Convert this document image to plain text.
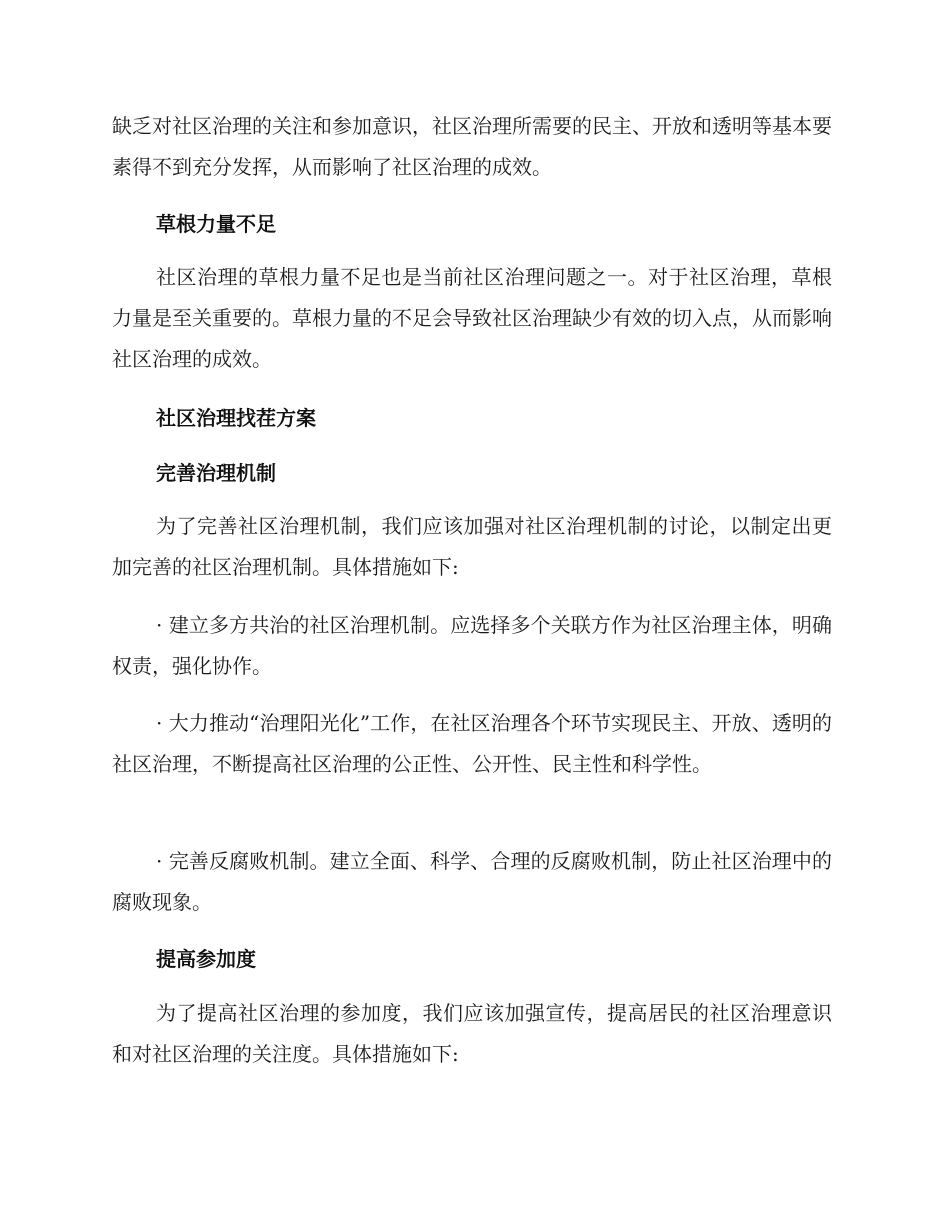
缺乏对社区治理的关注和参加意识，社区治理所需要的民主、开放和透明等基本要素得不到充分发挥，从而影响了社区治理的成效。

草根力量不足

社区治理的草根力量不足也是当前社区治理问题之一。对于社区治理，草根力量是至关重要的。草根力量的不足会导致社区治理缺少有效的切入点，从而影响社区治理的成效。

社区治理找茬方案
完善治理机制

为了完善社区治理机制，我们应该加强对社区治理机制的讨论，以制定出更加完善的社区治理机制。具体措施如下:

· 建立多方共治的社区治理机制。应选择多个关联方作为社区治理主体，明确权责，强化协作。

· 大力推动“治理阳光化”工作，在社区治理各个环节实现民主、开放、透明的社区治理，不断提高社区治理的公正性、公开性、民主性和科学性。

· 完善反腐败机制。建立全面、科学、合理的反腐败机制，防止社区治理中的腐败现象。

提高参加度

为了提高社区治理的参加度，我们应该加强宣传，提高居民的社区治理意识和对社区治理的关注度。具体措施如下:
